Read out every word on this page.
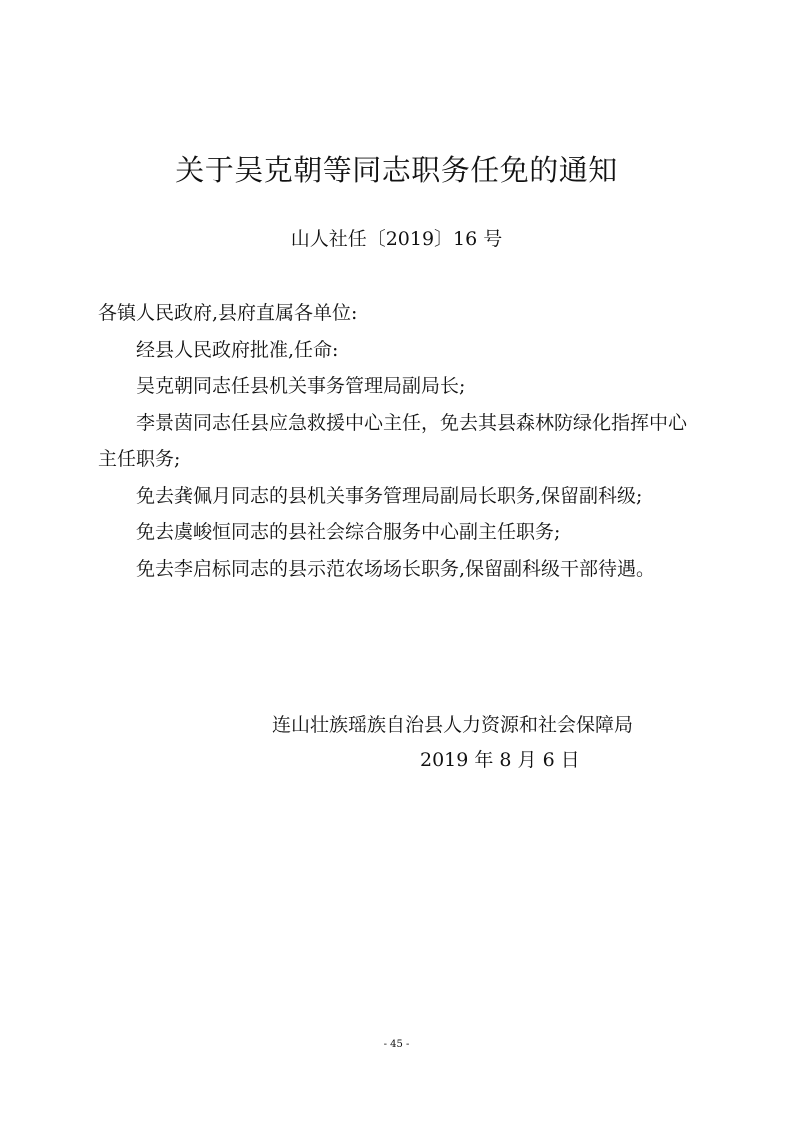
关于吴克朝等同志职务任免的通知
山人社任〔2019〕16 号

各镇人民政府,县府直属各单位:

经县人民政府批准,任命:

吴克朝同志任县机关事务管理局副局长;

李景茵同志任县应急救援中心主任，免去其县森林防绿化指挥中心主任职务;

免去龚佩月同志的县机关事务管理局副局长职务,保留副科级;

免去虞峻恒同志的县社会综合服务中心副主任职务;

免去李启标同志的县示范农场场长职务,保留副科级干部待遇。

连山壮族瑶族自治县人力资源和社会保障局
2019 年 8 月 6 日
- 45 -
